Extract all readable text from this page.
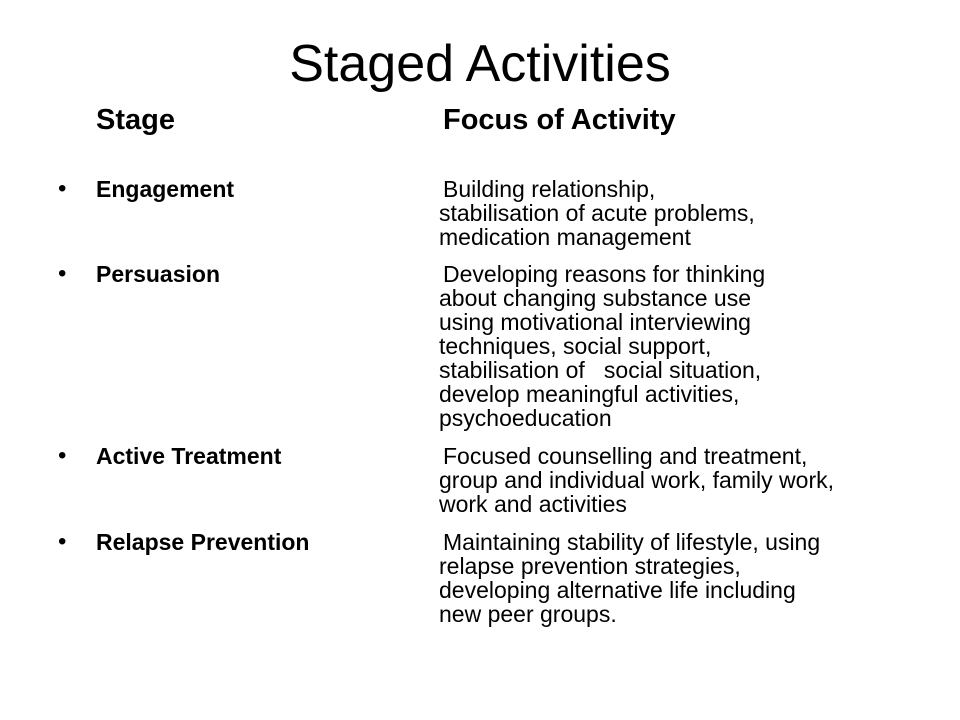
Staged Activities
Stage	Focus of Activity
• Engagement	Building relationship,
stabilisation of acute problems,
medication management
• Persuasion	Developing reasons for thinking
about changing substance use
using motivational interviewing
techniques, social support,
stabilisation of   social situation,
develop meaningful activities,
psychoeducation
• Active Treatment	Focused counselling and treatment,
group and individual work, family work,
work and activities
• Relapse Prevention	Maintaining stability of lifestyle, using
relapse prevention strategies,
developing alternative life including
new peer groups.
